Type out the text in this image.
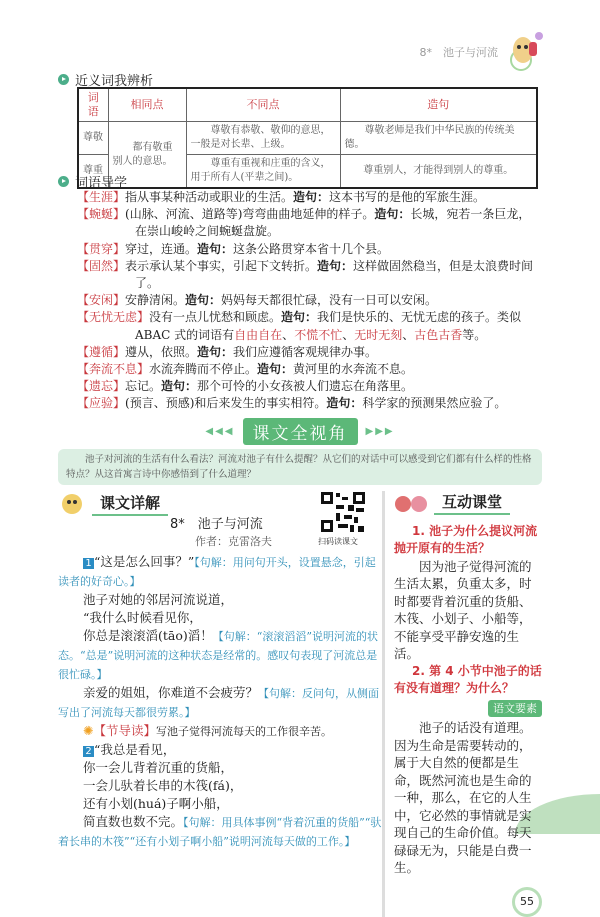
8*　池子与河流
近义词我辨析
词语	相同点	不同点	造句
尊敬	都有敬重别人的意思。	尊敬有恭敬、敬仰的意思，一般是对长辈、上级。	尊敬老师是我们中华民族的传统美德。
尊重		尊重有重视和庄重的含义，用于所有人(平辈之间)。	尊重别人，才能得到别人的尊重。
词语导学
【生涯】指从事某种活动或职业的生活。造句：这本书写的是他的军旅生涯。
【蜿蜒】(山脉、河流、道路等)弯弯曲曲地延伸的样子。造句：长城，宛若一条巨龙，在崇山峻岭之间蜿蜒盘旋。
【贯穿】穿过，连通。造句：这条公路贯穿本省十几个县。
【固然】表示承认某个事实，引起下文转折。造句：这样做固然稳当，但是太浪费时间了。
【安闲】安静清闲。造句：妈妈每天都很忙碌，没有一日可以安闲。
【无忧无虑】没有一点儿忧愁和顾虑。造句：我们是快乐的、无忧无虑的孩子。类似 ABAC 式的词语有自由自在、不慌不忙、无时无刻、古色古香等。
【遵循】遵从，依照。造句：我们应遵循客观规律办事。
【奔流不息】水流奔腾而不停止。造句：黄河里的水奔流不息。
【遗忘】忘记。造句：那个可怜的小女孩被人们遗忘在角落里。
【应验】(预言、预感)和后来发生的事实相符。造句：科学家的预测果然应验了。
◀◀◀	课文全视角	▶▶▶
池子对河流的生活有什么看法？河流对池子有什么提醒？从它们的对话中可以感受到它们都有什么样的性格特点？从这首寓言诗中你感悟到了什么道理？
课文详解
8*　池子与河流
作者：克雷洛夫	扫码读课文

1 “这是怎么回事？”【句解：用问句开头，设置悬念，引起读者的好奇心。】

池子对她的邻居河流说道，

“我什么时候看见你，

你总是滚滚滔(tāo)滔！【句解：“滚滚滔滔”说明河流的状态。“总是”说明河流的这种状态是经常的。感叹句表现了河流总是很忙碌。】

亲爱的姐姐，你难道不会疲劳？【句解：反问句，从侧面写出了河流每天都很劳累。】

✺【节导读】写池子觉得河流每天的工作很辛苦。

2 “我总是看见，

你一会儿背着沉重的货船，

一会儿驮着长串的木筏(fá)，

还有小划(huá)子啊小船，

简直数也数不完。【句解：用具体事例“背着沉重的货船”“驮着长串的木筏”“还有小划子啊小船”说明河流每天做的工作。】

互动课堂

1. 池子为什么提议河流抛开原有的生活？

因为池子觉得河流的生活太累，负重太多，时时都要背着沉重的货船、木筏、小划子、小船等，不能享受平静安逸的生活。

2. 第 4 小节中池子的话有没有道理？为什么？

语文要素

池子的话没有道理。因为生命是需要转动的，属于大自然的便都是生命，既然河流也是生命的一种，那么，在它的人生中，它必然的事情就是实现自己的生命价值。每天碌碌无为，只能是白费一生。

55
